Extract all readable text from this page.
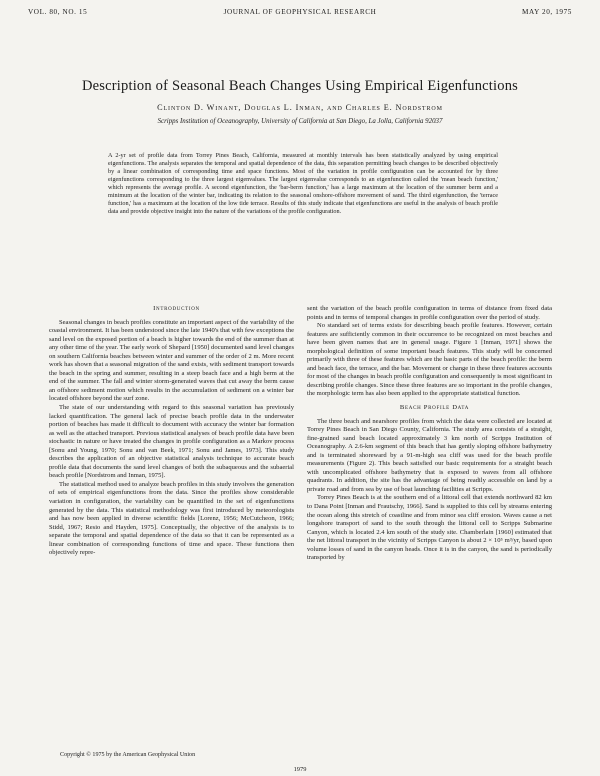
VOL. 80, NO. 15	JOURNAL OF GEOPHYSICAL RESEARCH	MAY 20, 1975
Description of Seasonal Beach Changes Using Empirical Eigenfunctions
Clinton D. Winant, Douglas L. Inman, and Charles E. Nordstrom
Scripps Institution of Oceanography, University of California at San Diego, La Jolla, California 92037

A 2-yr set of profile data from Torrey Pines Beach, California, measured at monthly intervals has been statistically analyzed by using empirical eigenfunctions. The analysis separates the temporal and spatial dependence of the data, this separation permitting beach changes to be described objectively by a linear combination of corresponding time and space functions. Most of the variation in profile configuration can be accounted for by three eigenfunctions corresponding to the three largest eigenvalues. The largest eigenvalue corresponds to an eigenfunction called the 'mean beach function,' which represents the average profile. A second eigenfunction, the 'bar-berm function,' has a large maximum at the location of the summer berm and a minimum at the location of the winter bar, indicating its relation to the seasonal onshore-offshore movement of sand. The third eigenfunction, the 'terrace function,' has a maximum at the location of the low tide terrace. Results of this study indicate that eigenfunctions are useful in the analysis of beach profile data and provide objective insight into the nature of the variations of the profile configuration.

Introduction

Seasonal changes in beach profiles constitute an important aspect of the variability of the coastal environment. It has been understood since the late 1940's that with few exceptions the sand level on the exposed portion of a beach is higher towards the end of the summer than at any other time of the year. The early work of Shepard [1950] documented sand level changes on southern California beaches between winter and summer of the order of 2 m. More recent work has shown that a seasonal migration of the sand exists, with sediment transport towards the beach in the spring and summer, resulting in a steep beach face and a high berm at the end of the summer. The fall and winter storm-generated waves that cut away the berm cause an offshore sediment motion which results in the accumulation of sediment on a winter bar located offshore beyond the surf zone.

The state of our understanding with regard to this seasonal variation has previously lacked quantification. The general lack of precise beach profile data in the underwater portion of beaches has made it difficult to document with accuracy the winter bar formation as well as the attached transport. Previous statistical analyses of beach profile data have been stochastic in nature or have treated the changes in profile configuration as a Markov process [Sonu and Young, 1970; Sonu and van Beek, 1971; Sonu and James, 1973]. This study describes the application of an objective statistical analysis technique to accurate beach profile data that documents the sand level changes of both the subaqueous and the subaerial beach profile [Nordstrom and Inman, 1975].

The statistical method used to analyze beach profiles in this study involves the generation of sets of empirical eigenfunctions from the data. Since the profiles show considerable variation in configuration, the variability can be quantified in the set of eigenfunctions generated by the data. This statistical methodology was first introduced by meteorologists and has now been applied in diverse scientific fields [Lorenz, 1956; McCutcheon, 1966; Stidd, 1967; Resio and Hayden, 1975]. Conceptually, the objective of the analysis is to separate the temporal and spatial dependence of the data so that it can be represented as a linear combination of corresponding functions of time and space. These functions then objectively repre-

sent the variation of the beach profile configuration in terms of distance from fixed data points and in terms of temporal changes in profile configuration over the period of study.

No standard set of terms exists for describing beach profile features. However, certain features are sufficiently common in their occurrence to be recognized on most beaches and have been given names that are in general usage. Figure 1 [Inman, 1971] shows the morphological definition of some important beach features. This study will be concerned primarily with three of these features which are the basic parts of the beach profile: the berm and beach face, the terrace, and the bar. Movement or change in these three features accounts for most of the changes in beach profile configuration and consequently is most significant in describing profile changes. Since these three features are so important in the profile changes, the morphologic term has also been applied to the appropriate statistical function.

Beach Profile Data

The three beach and nearshore profiles from which the data were collected are located at Torrey Pines Beach in San Diego County, California. The study area consists of a straight, fine-grained sand beach located approximately 3 km north of Scripps Institution of Oceanography. A 2.6-km segment of this beach that has gently sloping offshore bathymetry and is terminated shoreward by a 91-m-high sea cliff was used for the beach profile measurements (Figure 2). This beach satisfied our basic requirements for a straight beach with uncomplicated offshore bathymetry that is exposed to waves from all offshore quadrants. In addition, the site has the advantage of being readily accessible on land by a private road and from sea by use of boat launching facilities at Scripps.

Torrey Pines Beach is at the southern end of a littoral cell that extends northward 82 km to Dana Point [Inman and Frautschy, 1966]. Sand is supplied to this cell by streams entering the ocean along this stretch of coastline and from minor sea cliff erosion. Waves cause a net longshore transport of sand to the south through the littoral cell to Scripps Submarine Canyon, which is located 2.4 km south of the study site. Chamberlain [1960] estimated that the net littoral transport in the vicinity of Scripps Canyon is about 2 × 10⁵ m³/yr, based upon volume losses of sand in the canyon heads. Once it is in the canyon, the sand is periodically transported by

Copyright © 1975 by the American Geophysical Union
1979
